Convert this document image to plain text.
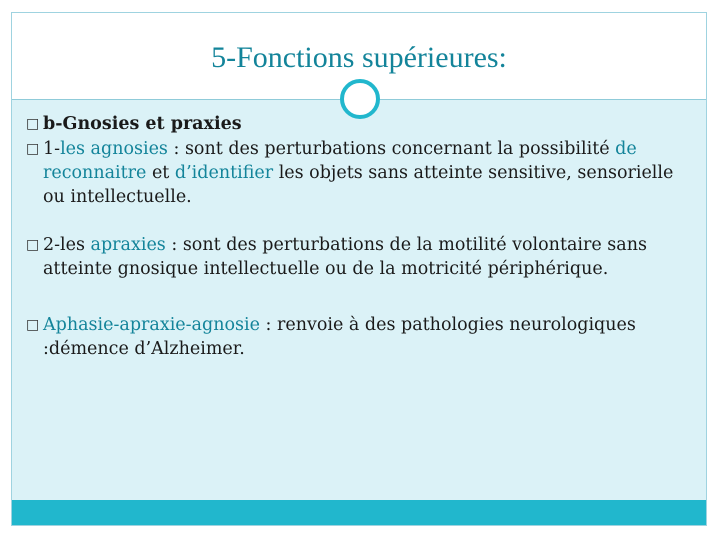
5-Fonctions supérieures:

□ b-Gnosies et praxies

□ 1-les agnosies : sont des perturbations concernant la possibilité de reconnaitre et d’identifier les objets sans atteinte sensitive, sensorielle ou intellectuelle.

□ 2-les apraxies : sont des perturbations de la motilité volontaire sans atteinte gnosique intellectuelle ou de la motricité périphérique.

□ Aphasie-apraxie-agnosie : renvoie à des pathologies neurologiques :démence d’Alzheimer.
